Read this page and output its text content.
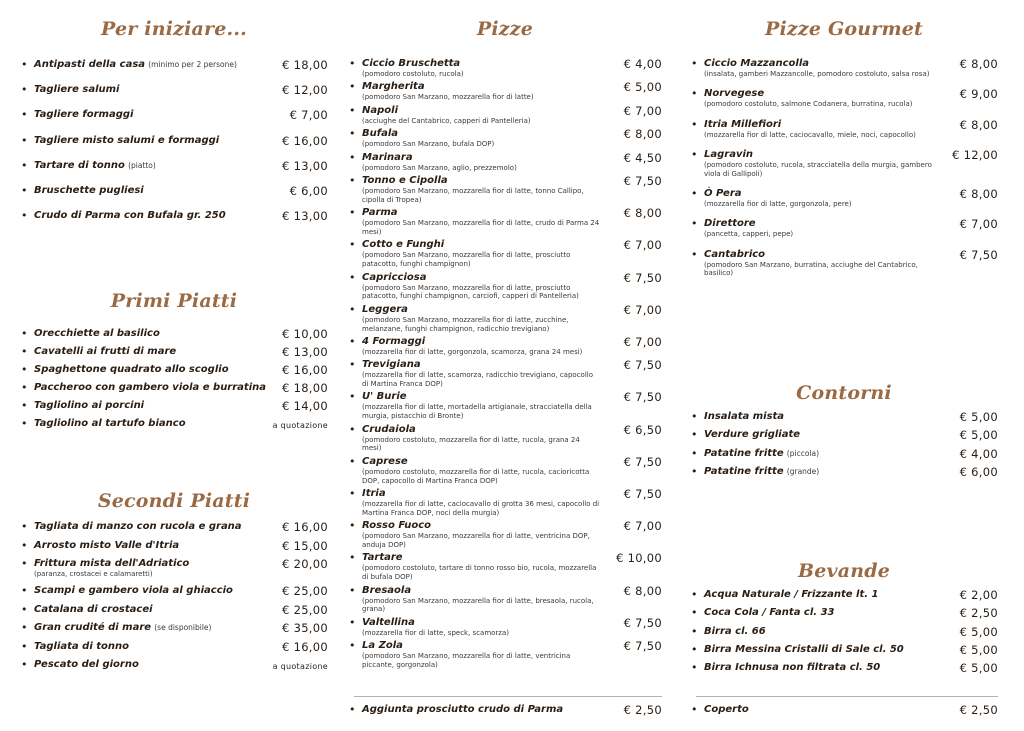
Per iniziare...
• Antipasti della casa (minimo per 2 persone)	€ 18,00
• Tagliere salumi	€ 12,00
• Tagliere formaggi	€ 7,00
• Tagliere misto salumi e formaggi	€ 16,00
• Tartare di tonno (piatto)	€ 13,00
• Bruschette pugliesi	€ 6,00
• Crudo di Parma con Bufala gr. 250	€ 13,00
Primi Piatti
• Orecchiette al basilico	€ 10,00
• Cavatelli ai frutti di mare	€ 13,00
• Spaghettone quadrato allo scoglio	€ 16,00
• Paccheroo con gambero viola e burratina	€ 18,00
• Tagliolino ai porcini	€ 14,00
• Tagliolino al tartufo bianco	a quotazione
Secondi Piatti
• Tagliata di manzo con rucola e grana	€ 16,00
• Arrosto misto Valle d'Itria	€ 15,00
• Frittura mista dell'Adriatico
(paranza, crostacei e calamaretti)
€ 20,00
• Scampi e gambero viola al ghiaccio	€ 25,00
• Catalana di crostacei	€ 25,00
• Gran crudité di mare (se disponibile)	€ 35,00
• Tagliata di tonno	€ 16,00
• Pescato del giorno	a quotazione
Pizze
• Ciccio Bruschetta
(pomodoro costoluto, rucola)
€ 4,00
• Margherita
(pomodoro San Marzano, mozzarella fior di latte)
€ 5,00
• Napoli
(acciughe del Cantabrico, capperi di Pantelleria)
€ 7,00
• Bufala
(pomodoro San Marzano, bufala DOP)
€ 8,00
• Marinara
(pomodoro San Marzano, aglio, prezzemolo)
€ 4,50
• Tonno e Cipolla
(pomodoro San Marzano, mozzarella fior di latte, tonno Callipo, cipolla di Tropea)
€ 7,50
• Parma
(pomodoro San Marzano, mozzarella fior di latte, crudo di Parma 24 mesi)
€ 8,00
• Cotto e Funghi
(pomodoro San Marzano, mozzarella fior di latte, prosciutto patacotto, funghi champignon)
€ 7,00
• Capricciosa
(pomodoro San Marzano, mozzarella fior di latte, prosciutto patacotto, funghi champignon, carciofi, capperi di Pantelleria)
€ 7,50
• Leggera
(pomodoro San Marzano, mozzarella fior di latte, zucchine, melanzane, funghi champignon, radicchio trevigiano)
€ 7,00
• 4 Formaggi
(mozzarella fior di latte, gorgonzola, scamorza, grana 24 mesi)
€ 7,00
• Trevigiana
(mozzarella fior di latte, scamorza, radicchio trevigiano, capocollo di Martina Franca DOP)
€ 7,50
• U' Burie
(mozzarella fior di latte, mortadella artigianale, stracciatella della murgia, pistacchio di Bronte)
€ 7,50
• Crudaiola
(pomodoro costoluto, mozzarella fior di latte, rucola, grana 24 mesi)
€ 6,50
• Caprese
(pomodoro costoluto, mozzarella fior di latte, rucola, cacioricotta DOP, capocollo di Martina Franca DOP)
€ 7,50
• Itria
(mozzarella fior di latte, caciocavallo di grotta 36 mesi, capocollo di Martina Franca DOP, noci della murgia)
€ 7,50
• Rosso Fuoco
(pomodoro San Marzano, mozzarella fior di latte, ventricina DOP, anduja DOP)
€ 7,00
• Tartare
(pomodoro costoluto, tartare di tonno rosso bio, rucola, mozzarella di bufala DOP)
€ 10,00
• Bresaola
(pomodoro San Marzano, mozzarella fior di latte, bresaola, rucola, grana)
€ 8,00
• Valtellina
(mozzarella fior di latte, speck, scamorza)
€ 7,50
• La Zola
(pomodoro San Marzano, mozzarella fior di latte, ventricina piccante, gorgonzola)
€ 7,50
• Aggiunta prosciutto crudo di Parma	€ 2,50
Pizze Gourmet
• Ciccio Mazzancolla
(insalata, gamberi Mazzancolle, pomodoro costoluto, salsa rosa)
€ 8,00
• Norvegese
(pomodoro costoluto, salmone Codanera, burratina, rucola)
€ 9,00
• Itria Millefiori
(mozzarella fior di latte, caciocavallo, miele, noci, capocollo)
€ 8,00
• Lagravin
(pomodoro costoluto, rucola, stracciatella della murgia, gambero viola di Gallipoli)
€ 12,00
• Ò Pera
(mozzarella fior di latte, gorgonzola, pere)
€ 8,00
• Direttore
(pancetta, capperi, pepe)
€ 7,00
• Cantabrico
(pomodoro San Marzano, burratina, acciughe del Cantabrico, basilico)
€ 7,50
Contorni
• Insalata mista	€ 5,00
• Verdure grigliate	€ 5,00
• Patatine fritte (piccola)	€ 4,00
• Patatine fritte (grande)	€ 6,00
Bevande
• Acqua Naturale / Frizzante lt. 1	€ 2,00
• Coca Cola / Fanta cl. 33	€ 2,50
• Birra cl. 66	€ 5,00
• Birra Messina Cristalli di Sale cl. 50	€ 5,00
• Birra Ichnusa non filtrata cl. 50	€ 5,00
• Coperto	€ 2,50
